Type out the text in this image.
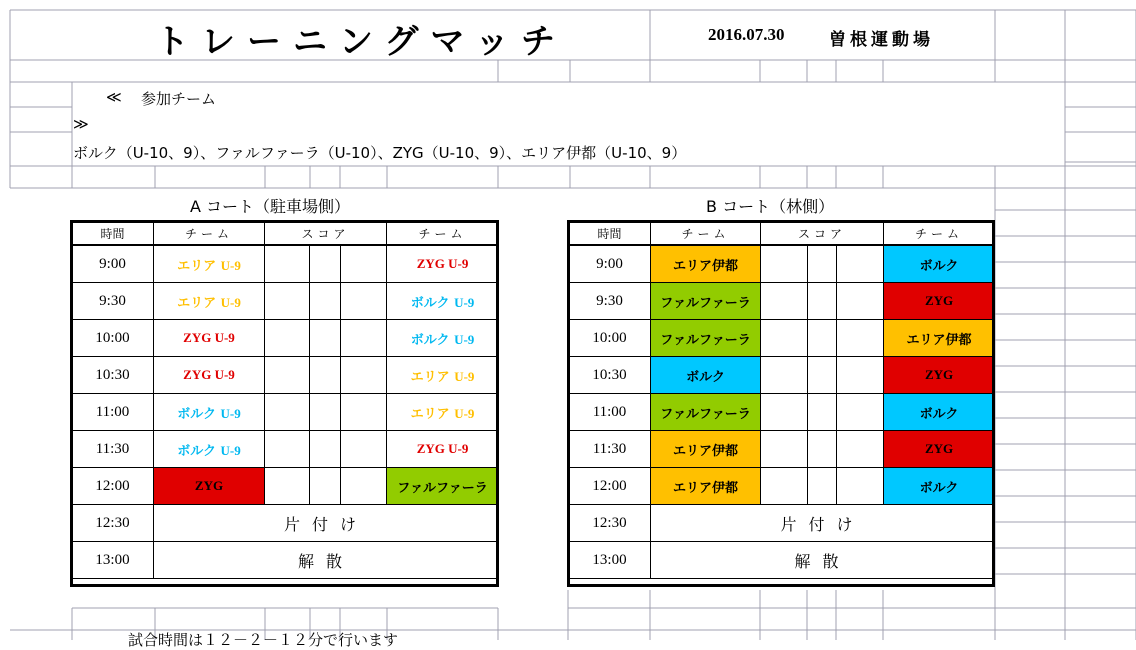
トレーニングマッチ	2016.07.30	曽根運動場
≪ 参加チーム
≫
ボルク（U-10、9）、ファルファーラ（U-10）、ZYG（U-10、9）、エリア伊都（U-10、9）
A コート（駐車場側）	B コート（林側）
時間	チーム	スコア			チーム
9:00	エリア U-9				ZYG U-9
9:30	エリア U-9				ボルク U-9
10:00	ZYG U-9				ボルク U-9
10:30	ZYG U-9				エリア U-9
11:00	ボルク U-9				エリア U-9
11:30	ボルク U-9				ZYG U-9
12:00	ZYG				ファルファーラ
12:30	片付け				
13:00	解散				
時間	チーム	スコア			チーム
9:00	エリア伊都				ボルク
9:30	ファルファーラ				ZYG
10:00	ファルファーラ				エリア伊都
10:30	ボルク				ZYG
11:00	ファルファーラ				ボルク
11:30	エリア伊都				ZYG
12:00	エリア伊都				ボルク
12:30	片付け				
13:00	解散				
試合時間は１２－２－１２分で行います
